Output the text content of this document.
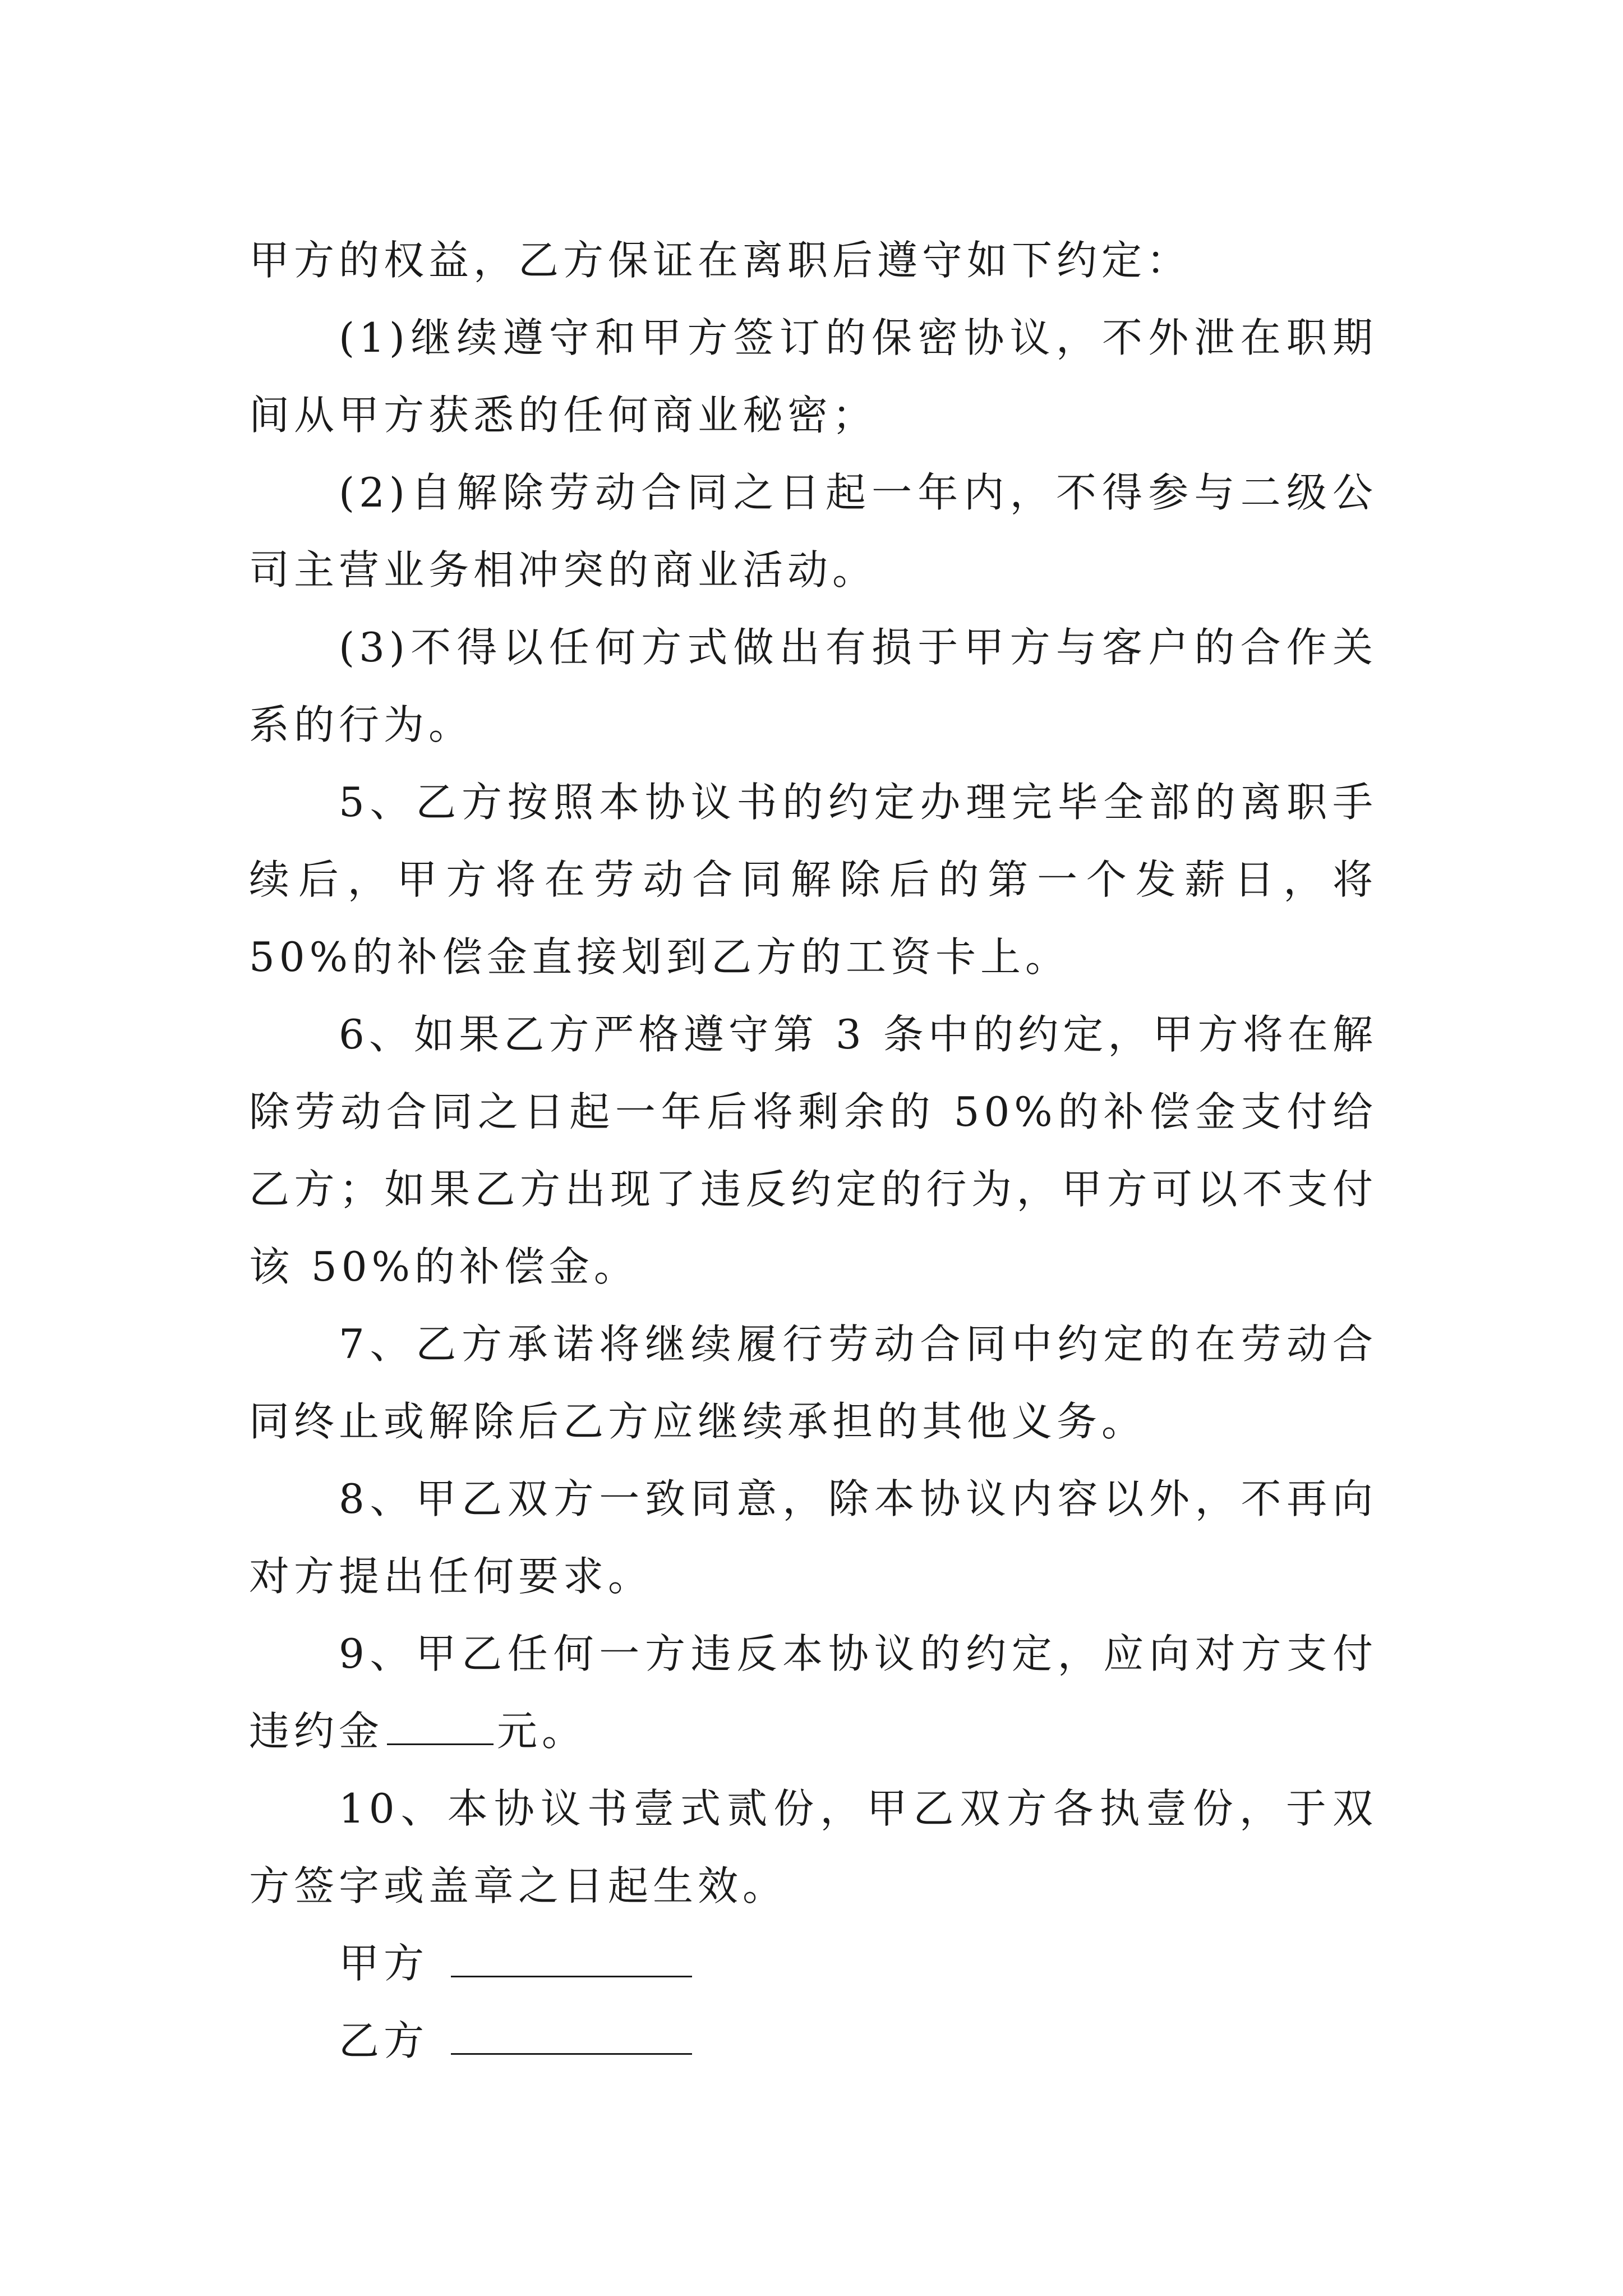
甲方的权益，乙方保证在离职后遵守如下约定：

(1)继续遵守和甲方签订的保密协议，不外泄在职期间从甲方获悉的任何商业秘密；

(2)自解除劳动合同之日起一年内，不得参与二级公司主营业务相冲突的商业活动。

(3)不得以任何方式做出有损于甲方与客户的合作关系的行为。

5、乙方按照本协议书的约定办理完毕全部的离职手续后，甲方将在劳动合同解除后的第一个发薪日，将 50%的补偿金直接划到乙方的工资卡上。

6、如果乙方严格遵守第 3 条中的约定，甲方将在解除劳动合同之日起一年后将剩余的 50%的补偿金支付给乙方；如果乙方出现了违反约定的行为，甲方可以不支付该 50%的补偿金。

7、乙方承诺将继续履行劳动合同中约定的在劳动合同终止或解除后乙方应继续承担的其他义务。

8、甲乙双方一致同意，除本协议内容以外，不再向对方提出任何要求。

9、甲乙任何一方违反本协议的约定，应向对方支付违约金	元。

10、本协议书壹式贰份，甲乙双方各执壹份，于双方签字或盖章之日起生效。

甲方
乙方
